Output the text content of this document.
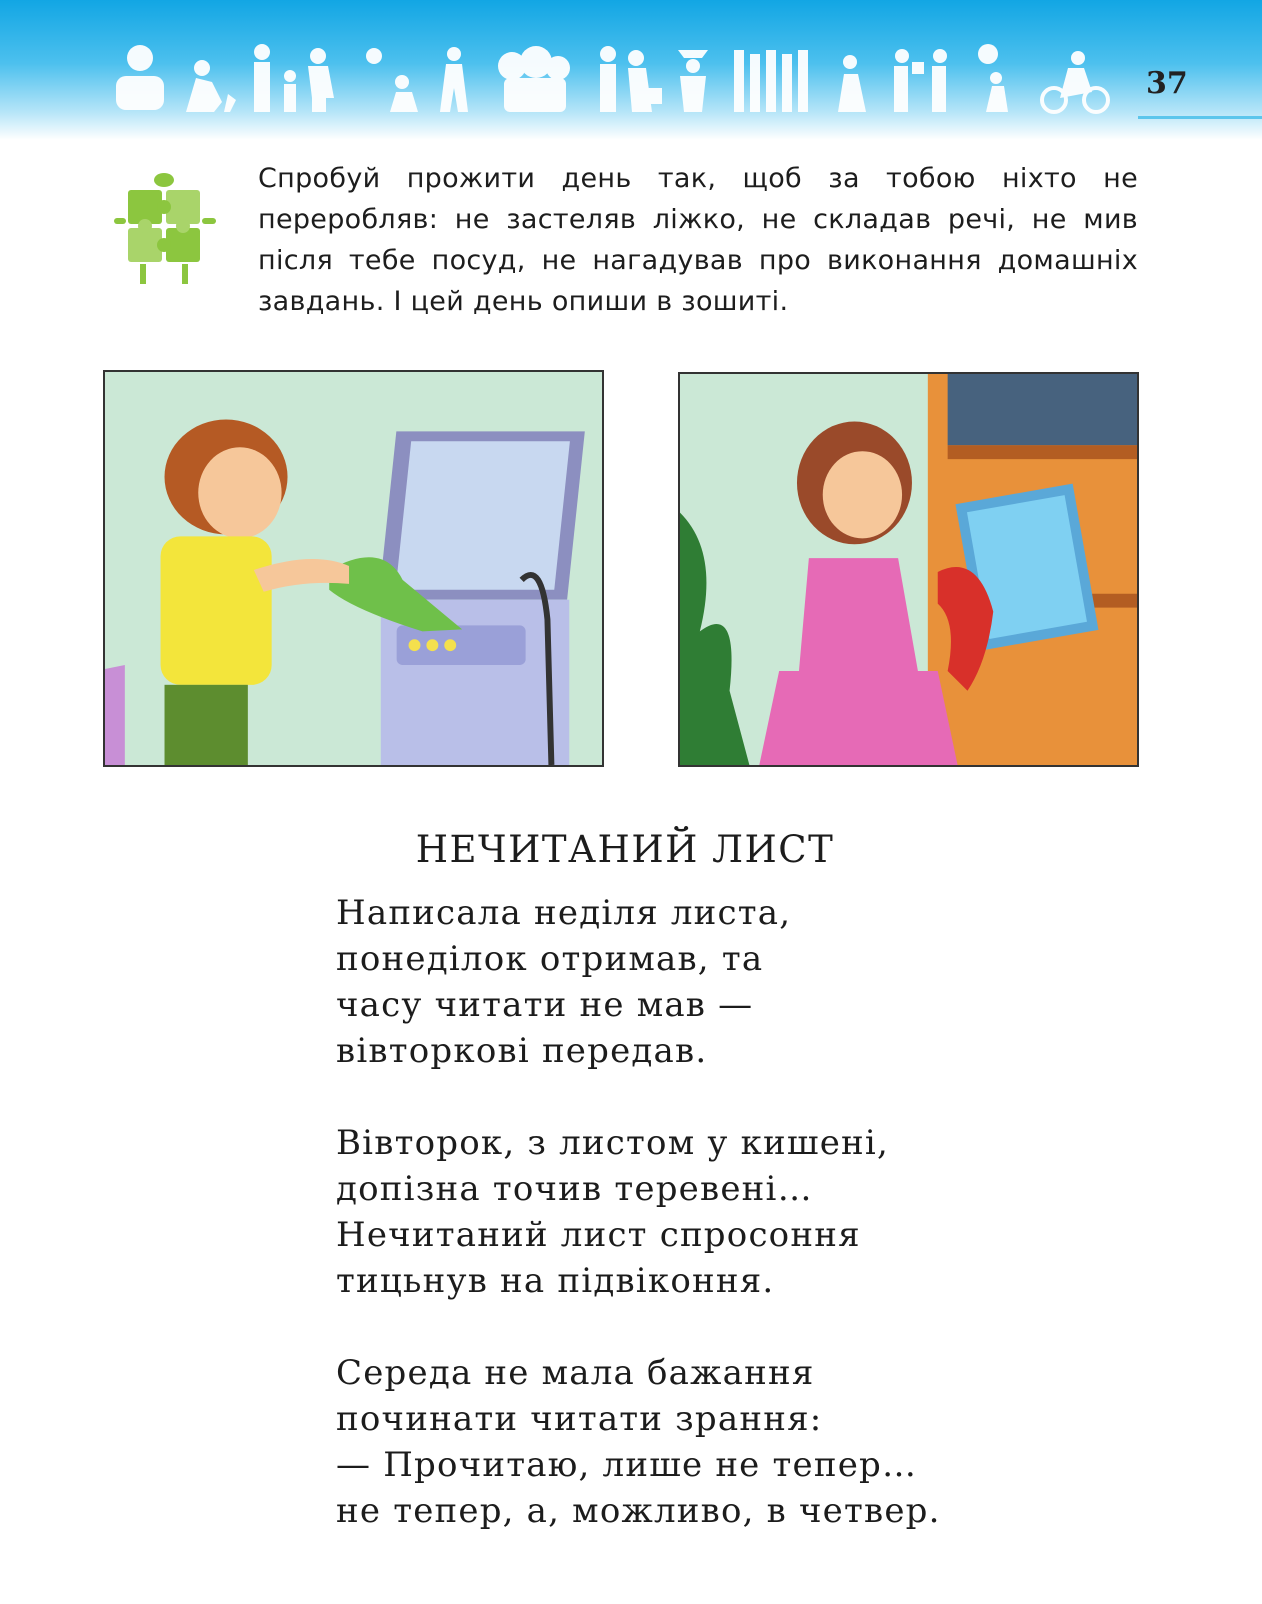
37

Спробуй прожити день так, щоб за тобою ніхто не переробляв: не застеляв ліжко, не складав речі, не мив після тебе посуд, не нагадував про виконання домашніх завдань. І цей день опиши в зошиті.

НЕЧИТАНИЙ ЛИСТ
Написала неділя листа,
понеділок отримав, та
часу читати не мав —
вівторкові передав.
Вівторок, з листом у кишені,
допізна точив теревені…
Нечитаний лист спросоння
тицьнув на підвіконня.
Середа не мала бажання
починати читати зрання:
— Прочитаю, лише не тепер…
не тепер, а, можливо, в четвер.
